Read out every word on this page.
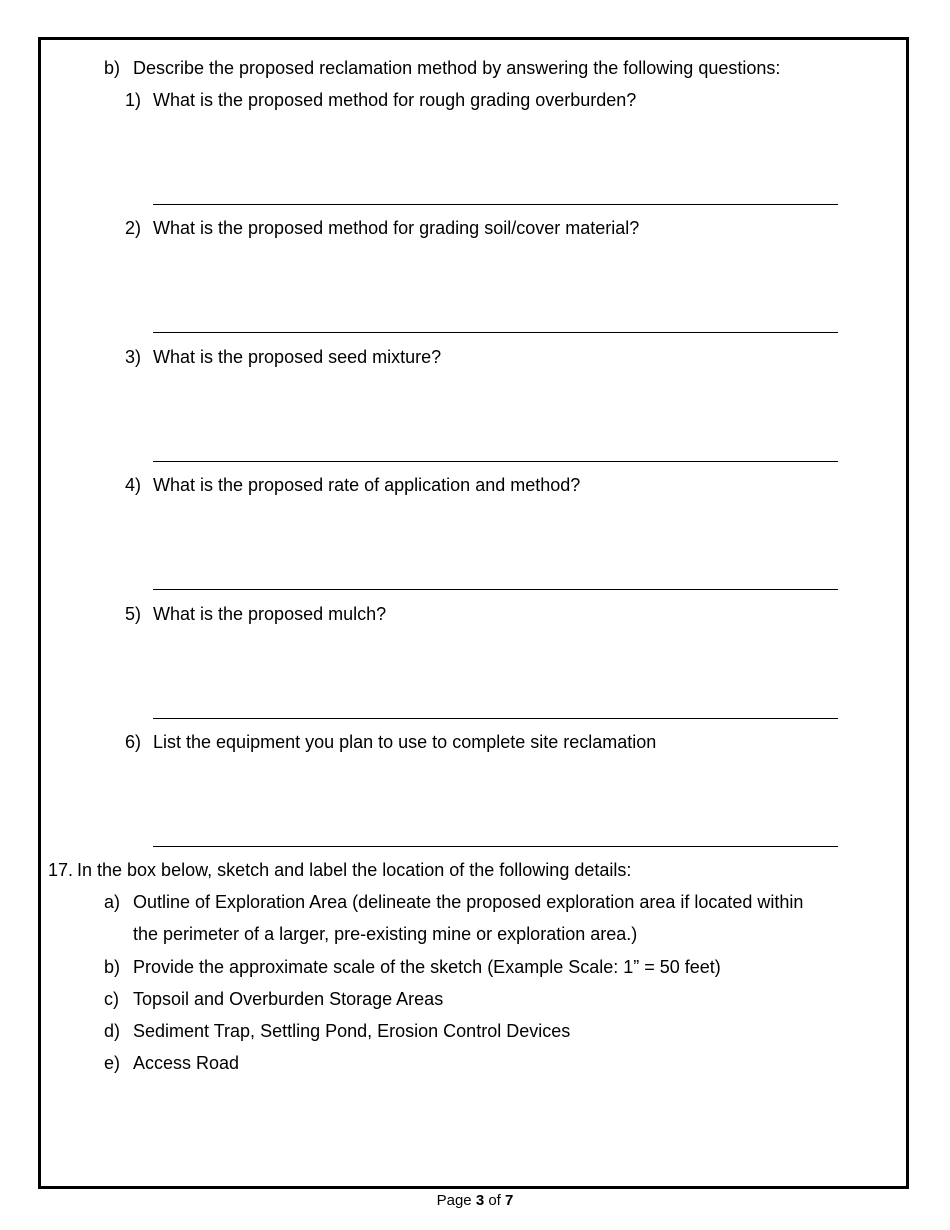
b) Describe the proposed reclamation method by answering the following questions:
1) What is the proposed method for rough grading overburden?
2) What is the proposed method for grading soil/cover material?
3) What is the proposed seed mixture?
4) What is the proposed rate of application and method?
5) What is the proposed mulch?
6) List the equipment you plan to use to complete site reclamation
17. In the box below, sketch and label the location of the following details:
a) Outline of Exploration Area (delineate the proposed exploration area if located within
the perimeter of a larger, pre-existing mine or exploration area.)
b) Provide the approximate scale of the sketch (Example Scale: 1” = 50 feet)
c) Topsoil and Overburden Storage Areas
d) Sediment Trap, Settling Pond, Erosion Control Devices
e) Access Road
Page 3 of 7
